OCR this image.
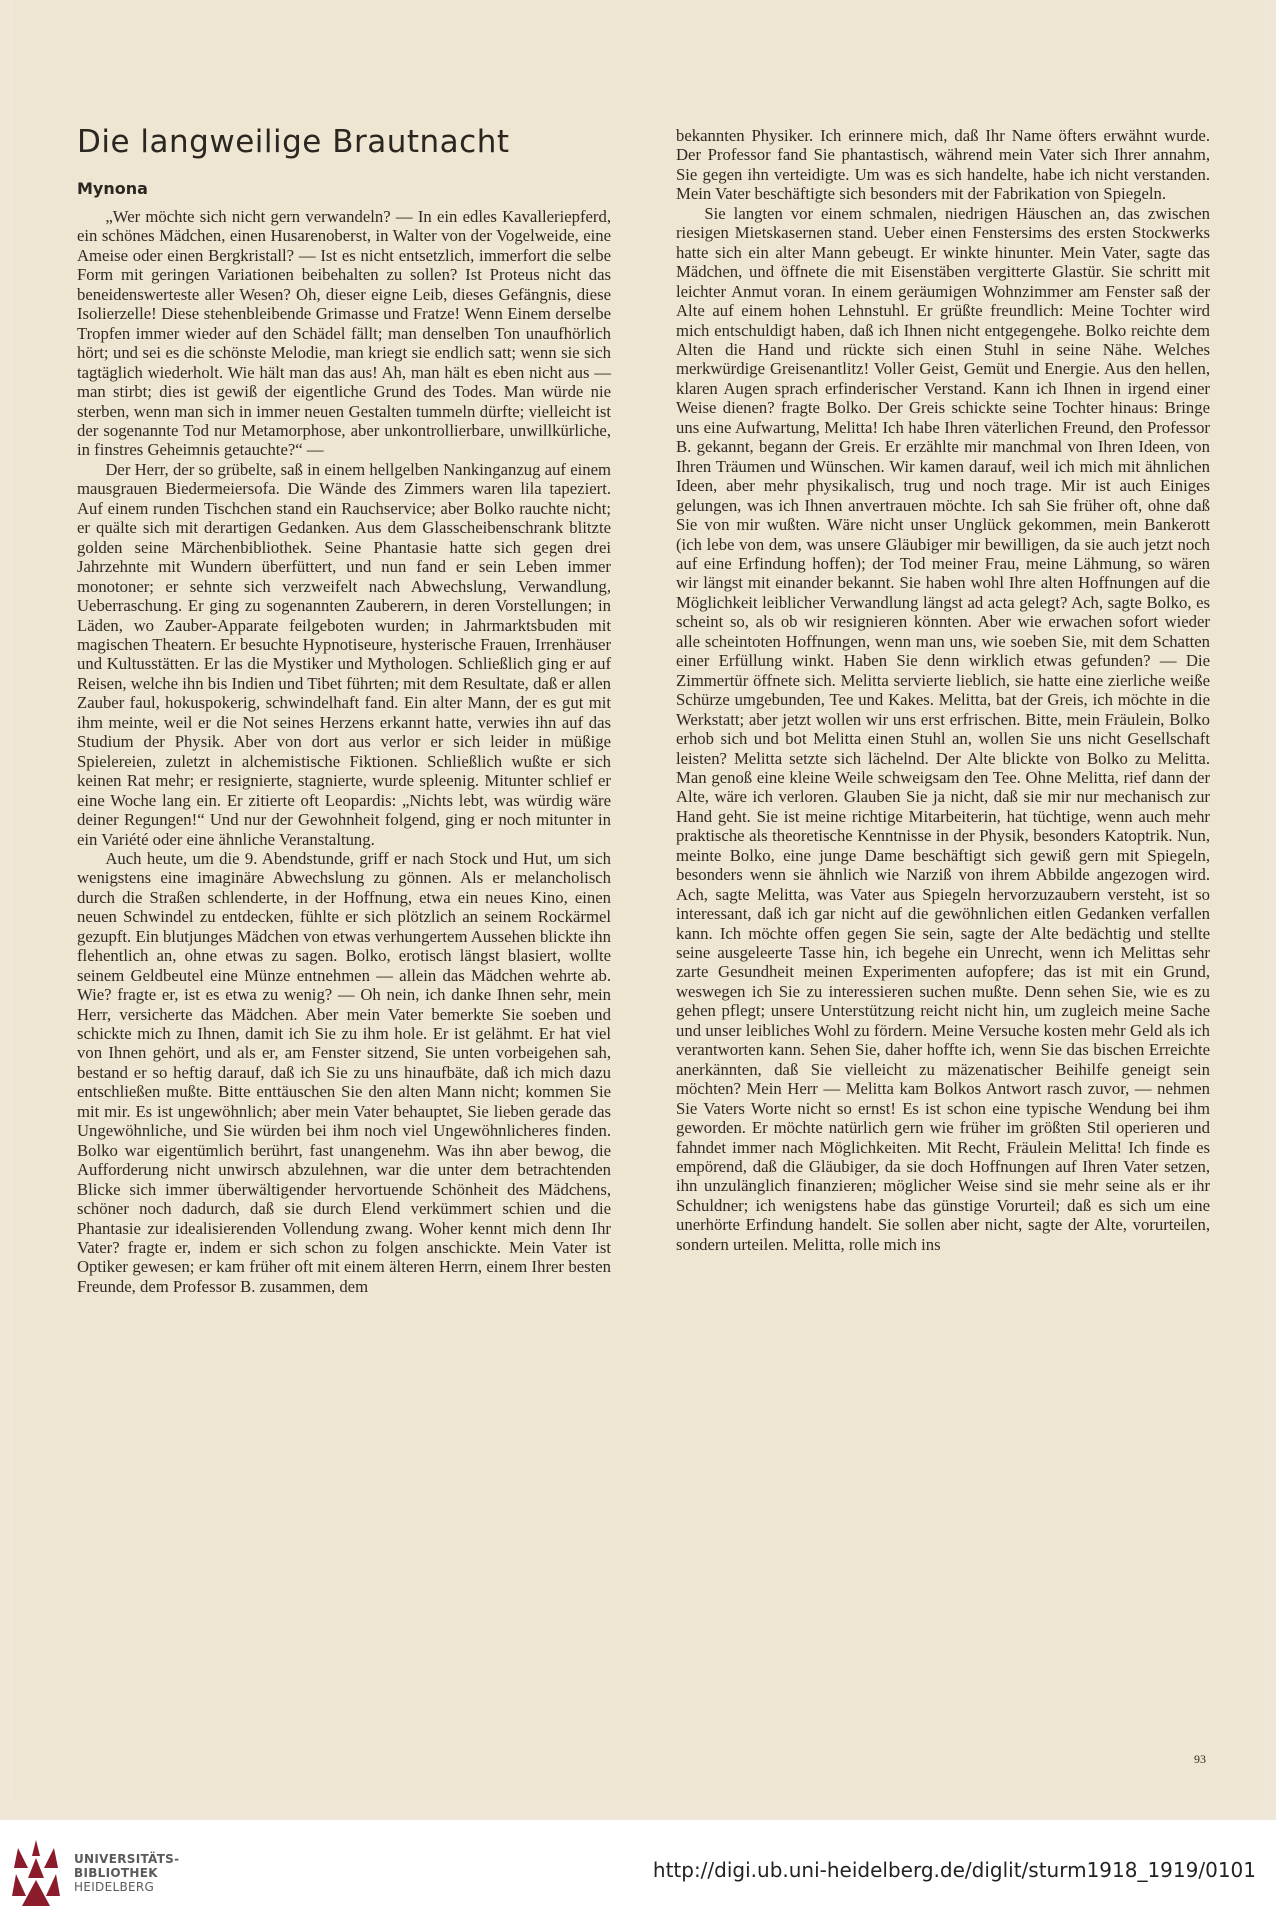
Die langweilige Brautnacht
Mynona

„Wer möchte sich nicht gern verwandeln? — In ein edles Kavalleriepferd, ein schönes Mädchen, einen Husarenoberst, in Walter von der Vogelweide, eine Ameise oder einen Bergkristall? — Ist es nicht entsetzlich, immerfort die selbe Form mit geringen Variationen beibehalten zu sollen? Ist Proteus nicht das beneidenswerteste aller Wesen? Oh, dieser eigne Leib, dieses Gefängnis, diese Isolierzelle! Diese stehenbleibende Grimasse und Fratze! Wenn Einem derselbe Tropfen immer wieder auf den Schädel fällt; man denselben Ton unaufhörlich hört; und sei es die schönste Melodie, man kriegt sie endlich satt; wenn sie sich tagtäglich wiederholt. Wie hält man das aus! Ah, man hält es eben nicht aus — man stirbt; dies ist gewiß der eigentliche Grund des Todes. Man würde nie sterben, wenn man sich in immer neuen Gestalten tummeln dürfte; vielleicht ist der sogenannte Tod nur Metamorphose, aber unkontrollierbare, unwillkürliche, in finstres Geheimnis getauchte?“ —

Der Herr, der so grübelte, saß in einem hellgelben Nankinganzug auf einem mausgrauen Biedermeiersofa. Die Wände des Zimmers waren lila tapeziert. Auf einem runden Tischchen stand ein Rauchservice; aber Bolko rauchte nicht; er quälte sich mit derartigen Gedanken. Aus dem Glasscheibenschrank blitzte golden seine Märchenbibliothek. Seine Phantasie hatte sich gegen drei Jahrzehnte mit Wundern überfüttert, und nun fand er sein Leben immer monotoner; er sehnte sich verzweifelt nach Abwechslung, Verwandlung, Ueberraschung. Er ging zu sogenannten Zauberern, in deren Vorstellungen; in Läden, wo Zauber-Apparate feilgeboten wurden; in Jahrmarktsbuden mit magischen Theatern. Er besuchte Hypnotiseure, hysterische Frauen, Irrenhäuser und Kultusstätten. Er las die Mystiker und Mythologen. Schließlich ging er auf Reisen, welche ihn bis Indien und Tibet führten; mit dem Resultate, daß er allen Zauber faul, hokuspokerig, schwindelhaft fand. Ein alter Mann, der es gut mit ihm meinte, weil er die Not seines Herzens erkannt hatte, verwies ihn auf das Studium der Physik. Aber von dort aus verlor er sich leider in müßige Spielereien, zuletzt in alchemistische Fiktionen. Schließlich wußte er sich keinen Rat mehr; er resignierte, stagnierte, wurde spleenig. Mitunter schlief er eine Woche lang ein. Er zitierte oft Leopardis: „Nichts lebt, was würdig wäre deiner Regungen!“ Und nur der Gewohnheit folgend, ging er noch mitunter in ein Variété oder eine ähnliche Veranstaltung.

Auch heute, um die 9. Abendstunde, griff er nach Stock und Hut, um sich wenigstens eine imaginäre Abwechslung zu gönnen. Als er melancholisch durch die Straßen schlenderte, in der Hoffnung, etwa ein neues Kino, einen neuen Schwindel zu entdecken, fühlte er sich plötzlich an seinem Rockärmel gezupft. Ein blutjunges Mädchen von etwas verhungertem Aussehen blickte ihn flehentlich an, ohne etwas zu sagen. Bolko, erotisch längst blasiert, wollte seinem Geldbeutel eine Münze entnehmen — allein das Mädchen wehrte ab. Wie? fragte er, ist es etwa zu wenig? — Oh nein, ich danke Ihnen sehr, mein Herr, versicherte das Mädchen. Aber mein Vater bemerkte Sie soeben und schickte mich zu Ihnen, damit ich Sie zu ihm hole. Er ist gelähmt. Er hat viel von Ihnen gehört, und als er, am Fenster sitzend, Sie unten vorbeigehen sah, bestand er so heftig darauf, daß ich Sie zu uns hinaufbäte, daß ich mich dazu entschließen mußte. Bitte enttäuschen Sie den alten Mann nicht; kommen Sie mit mir. Es ist ungewöhnlich; aber mein Vater behauptet, Sie lieben gerade das Ungewöhnliche, und Sie würden bei ihm noch viel Ungewöhnlicheres finden. Bolko war eigentümlich berührt, fast unangenehm. Was ihn aber bewog, die Aufforderung nicht unwirsch abzulehnen, war die unter dem betrachtenden Blicke sich immer überwältigender hervortuende Schönheit des Mädchens, schöner noch dadurch, daß sie durch Elend verkümmert schien und die Phantasie zur idealisierenden Vollendung zwang. Woher kennt mich denn Ihr Vater? fragte er, indem er sich schon zu folgen anschickte. Mein Vater ist Optiker gewesen; er kam früher oft mit einem älteren Herrn, einem Ihrer besten Freunde, dem Professor B. zusammen, dem

bekannten Physiker. Ich erinnere mich, daß Ihr Name öfters erwähnt wurde. Der Professor fand Sie phantastisch, während mein Vater sich Ihrer annahm, Sie gegen ihn verteidigte. Um was es sich handelte, habe ich nicht verstanden. Mein Vater beschäftigte sich besonders mit der Fabrikation von Spiegeln.

Sie langten vor einem schmalen, niedrigen Häuschen an, das zwischen riesigen Mietskasernen stand. Ueber einen Fenstersims des ersten Stockwerks hatte sich ein alter Mann gebeugt. Er winkte hinunter. Mein Vater, sagte das Mädchen, und öffnete die mit Eisenstäben vergitterte Glastür. Sie schritt mit leichter Anmut voran. In einem geräumigen Wohnzimmer am Fenster saß der Alte auf einem hohen Lehnstuhl. Er grüßte freundlich: Meine Tochter wird mich entschuldigt haben, daß ich Ihnen nicht entgegengehe. Bolko reichte dem Alten die Hand und rückte sich einen Stuhl in seine Nähe. Welches merkwürdige Greisenantlitz! Voller Geist, Gemüt und Energie. Aus den hellen, klaren Augen sprach erfinderischer Verstand. Kann ich Ihnen in irgend einer Weise dienen? fragte Bolko. Der Greis schickte seine Tochter hinaus: Bringe uns eine Aufwartung, Melitta! Ich habe Ihren väterlichen Freund, den Professor B. gekannt, begann der Greis. Er erzählte mir manchmal von Ihren Ideen, von Ihren Träumen und Wünschen. Wir kamen darauf, weil ich mich mit ähnlichen Ideen, aber mehr physikalisch, trug und noch trage. Mir ist auch Einiges gelungen, was ich Ihnen anvertrauen möchte. Ich sah Sie früher oft, ohne daß Sie von mir wußten. Wäre nicht unser Unglück gekommen, mein Bankerott (ich lebe von dem, was unsere Gläubiger mir bewilligen, da sie auch jetzt noch auf eine Erfindung hoffen); der Tod meiner Frau, meine Lähmung, so wären wir längst mit einander bekannt. Sie haben wohl Ihre alten Hoffnungen auf die Möglichkeit leiblicher Verwandlung längst ad acta gelegt? Ach, sagte Bolko, es scheint so, als ob wir resignieren könnten. Aber wie erwachen sofort wieder alle scheintoten Hoffnungen, wenn man uns, wie soeben Sie, mit dem Schatten einer Erfüllung winkt. Haben Sie denn wirklich etwas gefunden? — Die Zimmertür öffnete sich. Melitta servierte lieblich, sie hatte eine zierliche weiße Schürze umgebunden, Tee und Kakes. Melitta, bat der Greis, ich möchte in die Werkstatt; aber jetzt wollen wir uns erst erfrischen. Bitte, mein Fräulein, Bolko erhob sich und bot Melitta einen Stuhl an, wollen Sie uns nicht Gesellschaft leisten? Melitta setzte sich lächelnd. Der Alte blickte von Bolko zu Melitta. Man genoß eine kleine Weile schweigsam den Tee. Ohne Melitta, rief dann der Alte, wäre ich verloren. Glauben Sie ja nicht, daß sie mir nur mechanisch zur Hand geht. Sie ist meine richtige Mitarbeiterin, hat tüchtige, wenn auch mehr praktische als theoretische Kenntnisse in der Physik, besonders Katoptrik. Nun, meinte Bolko, eine junge Dame beschäftigt sich gewiß gern mit Spiegeln, besonders wenn sie ähnlich wie Narziß von ihrem Abbilde angezogen wird. Ach, sagte Melitta, was Vater aus Spiegeln hervorzuzaubern versteht, ist so interessant, daß ich gar nicht auf die gewöhnlichen eitlen Gedanken verfallen kann. Ich möchte offen gegen Sie sein, sagte der Alte bedächtig und stellte seine ausgeleerte Tasse hin, ich begehe ein Unrecht, wenn ich Melittas sehr zarte Gesundheit meinen Experimenten aufopfere; das ist mit ein Grund, weswegen ich Sie zu interessieren suchen mußte. Denn sehen Sie, wie es zu gehen pflegt; unsere Unterstützung reicht nicht hin, um zugleich meine Sache und unser leibliches Wohl zu fördern. Meine Versuche kosten mehr Geld als ich verantworten kann. Sehen Sie, daher hoffte ich, wenn Sie das bischen Erreichte anerkännten, daß Sie vielleicht zu mäzenatischer Beihilfe geneigt sein möchten? Mein Herr — Melitta kam Bolkos Antwort rasch zuvor, — nehmen Sie Vaters Worte nicht so ernst! Es ist schon eine typische Wendung bei ihm geworden. Er möchte natürlich gern wie früher im größten Stil operieren und fahndet immer nach Möglichkeiten. Mit Recht, Fräulein Melitta! Ich finde es empörend, daß die Gläubiger, da sie doch Hoffnungen auf Ihren Vater setzen, ihn unzulänglich finanzieren; möglicher Weise sind sie mehr seine als er ihr Schuldner; ich wenigstens habe das günstige Vorurteil; daß es sich um eine unerhörte Erfindung handelt. Sie sollen aber nicht, sagte der Alte, vorurteilen, sondern urteilen. Melitta, rolle mich ins

93
UNIVERSITÄTS-
BIBLIOTHEK
HEIDELBERG
http://digi.ub.uni-heidelberg.de/diglit/sturm1918_1919/0101
